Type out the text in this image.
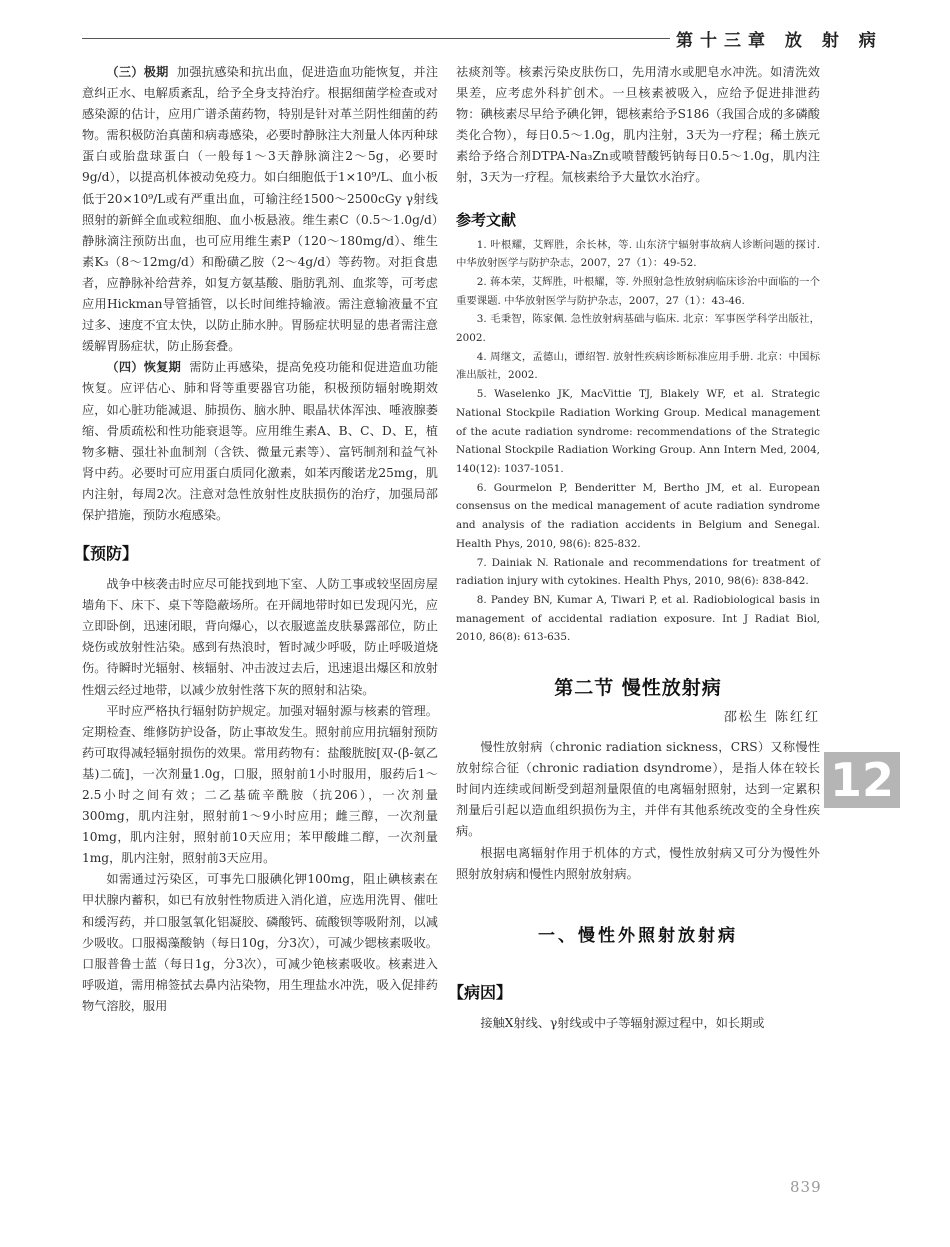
第十三章 放 射 病

（三）极期 加强抗感染和抗出血，促进造血功能恢复，并注意纠正水、电解质紊乱，给予全身支持治疗。根据细菌学检查或对感染源的估计，应用广谱杀菌药物，特别是针对革兰阴性细菌的药物。需积极防治真菌和病毒感染，必要时静脉注大剂量人体丙种球蛋白或胎盘球蛋白（一般每1～3天静脉滴注2～5g，必要时9g/d），以提高机体被动免疫力。如白细胞低于1×10⁹/L、血小板低于20×10⁹/L或有严重出血，可输注经1500～2500cGy γ射线照射的新鲜全血或粒细胞、血小板悬液。维生素C（0.5～1.0g/d）静脉滴注预防出血，也可应用维生素P（120～180mg/d）、维生素K₃（8～12mg/d）和酚磺乙胺（2～4g/d）等药物。对拒食患者，应静脉补给营养，如复方氨基酸、脂肪乳剂、血浆等，可考虑应用Hickman导管插管，以长时间维持输液。需注意输液量不宜过多、速度不宜太快，以防止肺水肿。胃肠症状明显的患者需注意缓解胃肠症状，防止肠套叠。

（四）恢复期 需防止再感染，提高免疫功能和促进造血功能恢复。应评估心、肺和肾等重要器官功能，积极预防辐射晚期效应，如心脏功能减退、肺损伤、脑水肿、眼晶状体浑浊、唾液腺萎缩、骨质疏松和性功能衰退等。应用维生素A、B、C、D、E，植物多糖、强壮补血制剂（含铁、微量元素等）、富钙制剂和益气补肾中药。必要时可应用蛋白质同化激素，如苯丙酸诺龙25mg，肌内注射，每周2次。注意对急性放射性皮肤损伤的治疗，加强局部保护措施，预防水疱感染。

【预防】

战争中核袭击时应尽可能找到地下室、人防工事或较坚固房屋墙角下、床下、桌下等隐蔽场所。在开阔地带时如已发现闪光，应立即卧倒，迅速闭眼，背向爆心，以衣服遮盖皮肤暴露部位，防止烧伤或放射性沾染。感到有热浪时，暂时减少呼吸，防止呼吸道烧伤。待瞬时光辐射、核辐射、冲击波过去后，迅速退出爆区和放射性烟云经过地带，以减少放射性落下灰的照射和沾染。

平时应严格执行辐射防护规定。加强对辐射源与核素的管理。定期检查、维修防护设备，防止事故发生。照射前应用抗辐射预防药可取得减轻辐射损伤的效果。常用药物有：盐酸胱胺[双-(β-氨乙基)二硫]，一次剂量1.0g，口服，照射前1小时服用，服药后1～2.5小时之间有效；二乙基硫辛酰胺（抗206），一次剂量300mg，肌内注射，照射前1～9小时应用；雌三醇，一次剂量10mg，肌内注射，照射前10天应用；苯甲酸雌二醇，一次剂量1mg，肌内注射，照射前3天应用。

如需通过污染区，可事先口服碘化钾100mg，阻止碘核素在甲状腺内蓄积，如已有放射性物质进入消化道，应选用洗胃、催吐和缓泻药，并口服氢氧化铝凝胶、磷酸钙、硫酸钡等吸附剂，以减少吸收。口服褐藻酸钠（每日10g，分3次），可减少锶核素吸收。口服普鲁士蓝（每日1g，分3次），可减少铯核素吸收。核素进入呼吸道，需用棉签拭去鼻内沾染物，用生理盐水冲洗，吸入促排药物气溶胶，服用

祛痰剂等。核素污染皮肤伤口，先用清水或肥皂水冲洗。如清洗效果差，应考虑外科扩创术。一旦核素被吸入，应给予促进排泄药物：碘核素尽早给予碘化钾，锶核素给予S186（我国合成的多磷酸类化合物），每日0.5～1.0g，肌内注射，3天为一疗程；稀土族元素给予络合剂DTPA-Na₃Zn或喷替酸钙钠每日0.5～1.0g，肌内注射，3天为一疗程。氚核素给予大量饮水治疗。

参考文献

1. 叶根耀，艾辉胜，余长林，等. 山东济宁辐射事故病人诊断问题的探讨. 中华放射医学与防护杂志，2007，27（1）：49-52.

2. 蒋本荣，艾辉胜，叶根耀，等. 外照射急性放射病临床诊治中面临的一个重要课题. 中华放射医学与防护杂志，2007，27（1）：43-46.

3. 毛秉智，陈家佩. 急性放射病基础与临床. 北京：军事医学科学出版社，2002.

4. 周继文，孟德山，谭绍智. 放射性疾病诊断标准应用手册. 北京：中国标准出版社，2002.

5. Waselenko JK, MacVittie TJ, Blakely WF, et al. Strategic National Stockpile Radiation Working Group. Medical management of the acute radiation syndrome: recommendations of the Strategic National Stockpile Radiation Working Group. Ann Intern Med, 2004, 140(12): 1037-1051.

6. Gourmelon P, Benderitter M, Bertho JM, et al. European consensus on the medical management of acute radiation syndrome and analysis of the radiation accidents in Belgium and Senegal. Health Phys, 2010, 98(6): 825-832.

7. Dainiak N. Rationale and recommendations for treatment of radiation injury with cytokines. Health Phys, 2010, 98(6): 838-842.

8. Pandey BN, Kumar A, Tiwari P, et al. Radiobiological basis in management of accidental radiation exposure. Int J Radiat Biol, 2010, 86(8): 613-635.

第二节 慢性放射病
邵松生 陈红红

慢性放射病（chronic radiation sickness，CRS）又称慢性放射综合征（chronic radiation dsyndrome），是指人体在较长时间内连续或间断受到超剂量限值的电离辐射照射，达到一定累积剂量后引起以造血组织损伤为主，并伴有其他系统改变的全身性疾病。

根据电离辐射作用于机体的方式，慢性放射病又可分为慢性外照射放射病和慢性内照射放射病。

一、慢性外照射放射病
【病因】

接触X射线、γ射线或中子等辐射源过程中，如长期或

12
839
